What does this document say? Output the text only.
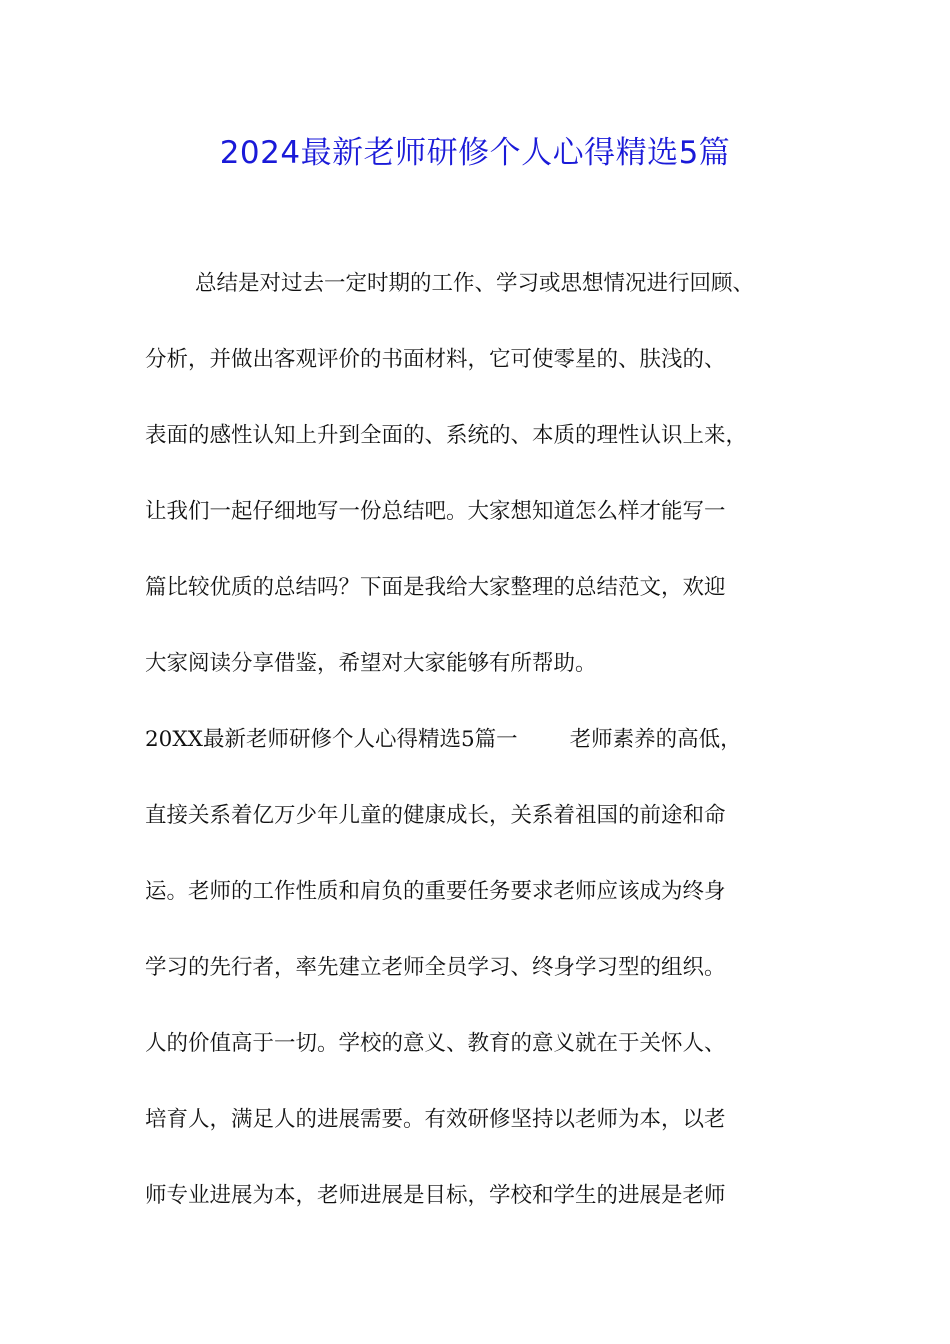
2024最新老师研修个人心得精选5篇
总结是对过去一定时期的工作、学习或思想情况进行回顾、
分析，并做出客观评价的书面材料，它可使零星的、肤浅的、
表面的感性认知上升到全面的、系统的、本质的理性认识上来，
让我们一起仔细地写一份总结吧。大家想知道怎么样才能写一
篇比较优质的总结吗？下面是我给大家整理的总结范文，欢迎
大家阅读分享借鉴，希望对大家能够有所帮助。
20XX最新老师研修个人心得精选5篇一 老师素养的高低，
直接关系着亿万少年儿童的健康成长，关系着祖国的前途和命
运。老师的工作性质和肩负的重要任务要求老师应该成为终身
学习的先行者，率先建立老师全员学习、终身学习型的组织。
人的价值高于一切。学校的意义、教育的意义就在于关怀人、
培育人，满足人的进展需要。有效研修坚持以老师为本，以老
师专业进展为本，老师进展是目标，学校和学生的进展是老师
